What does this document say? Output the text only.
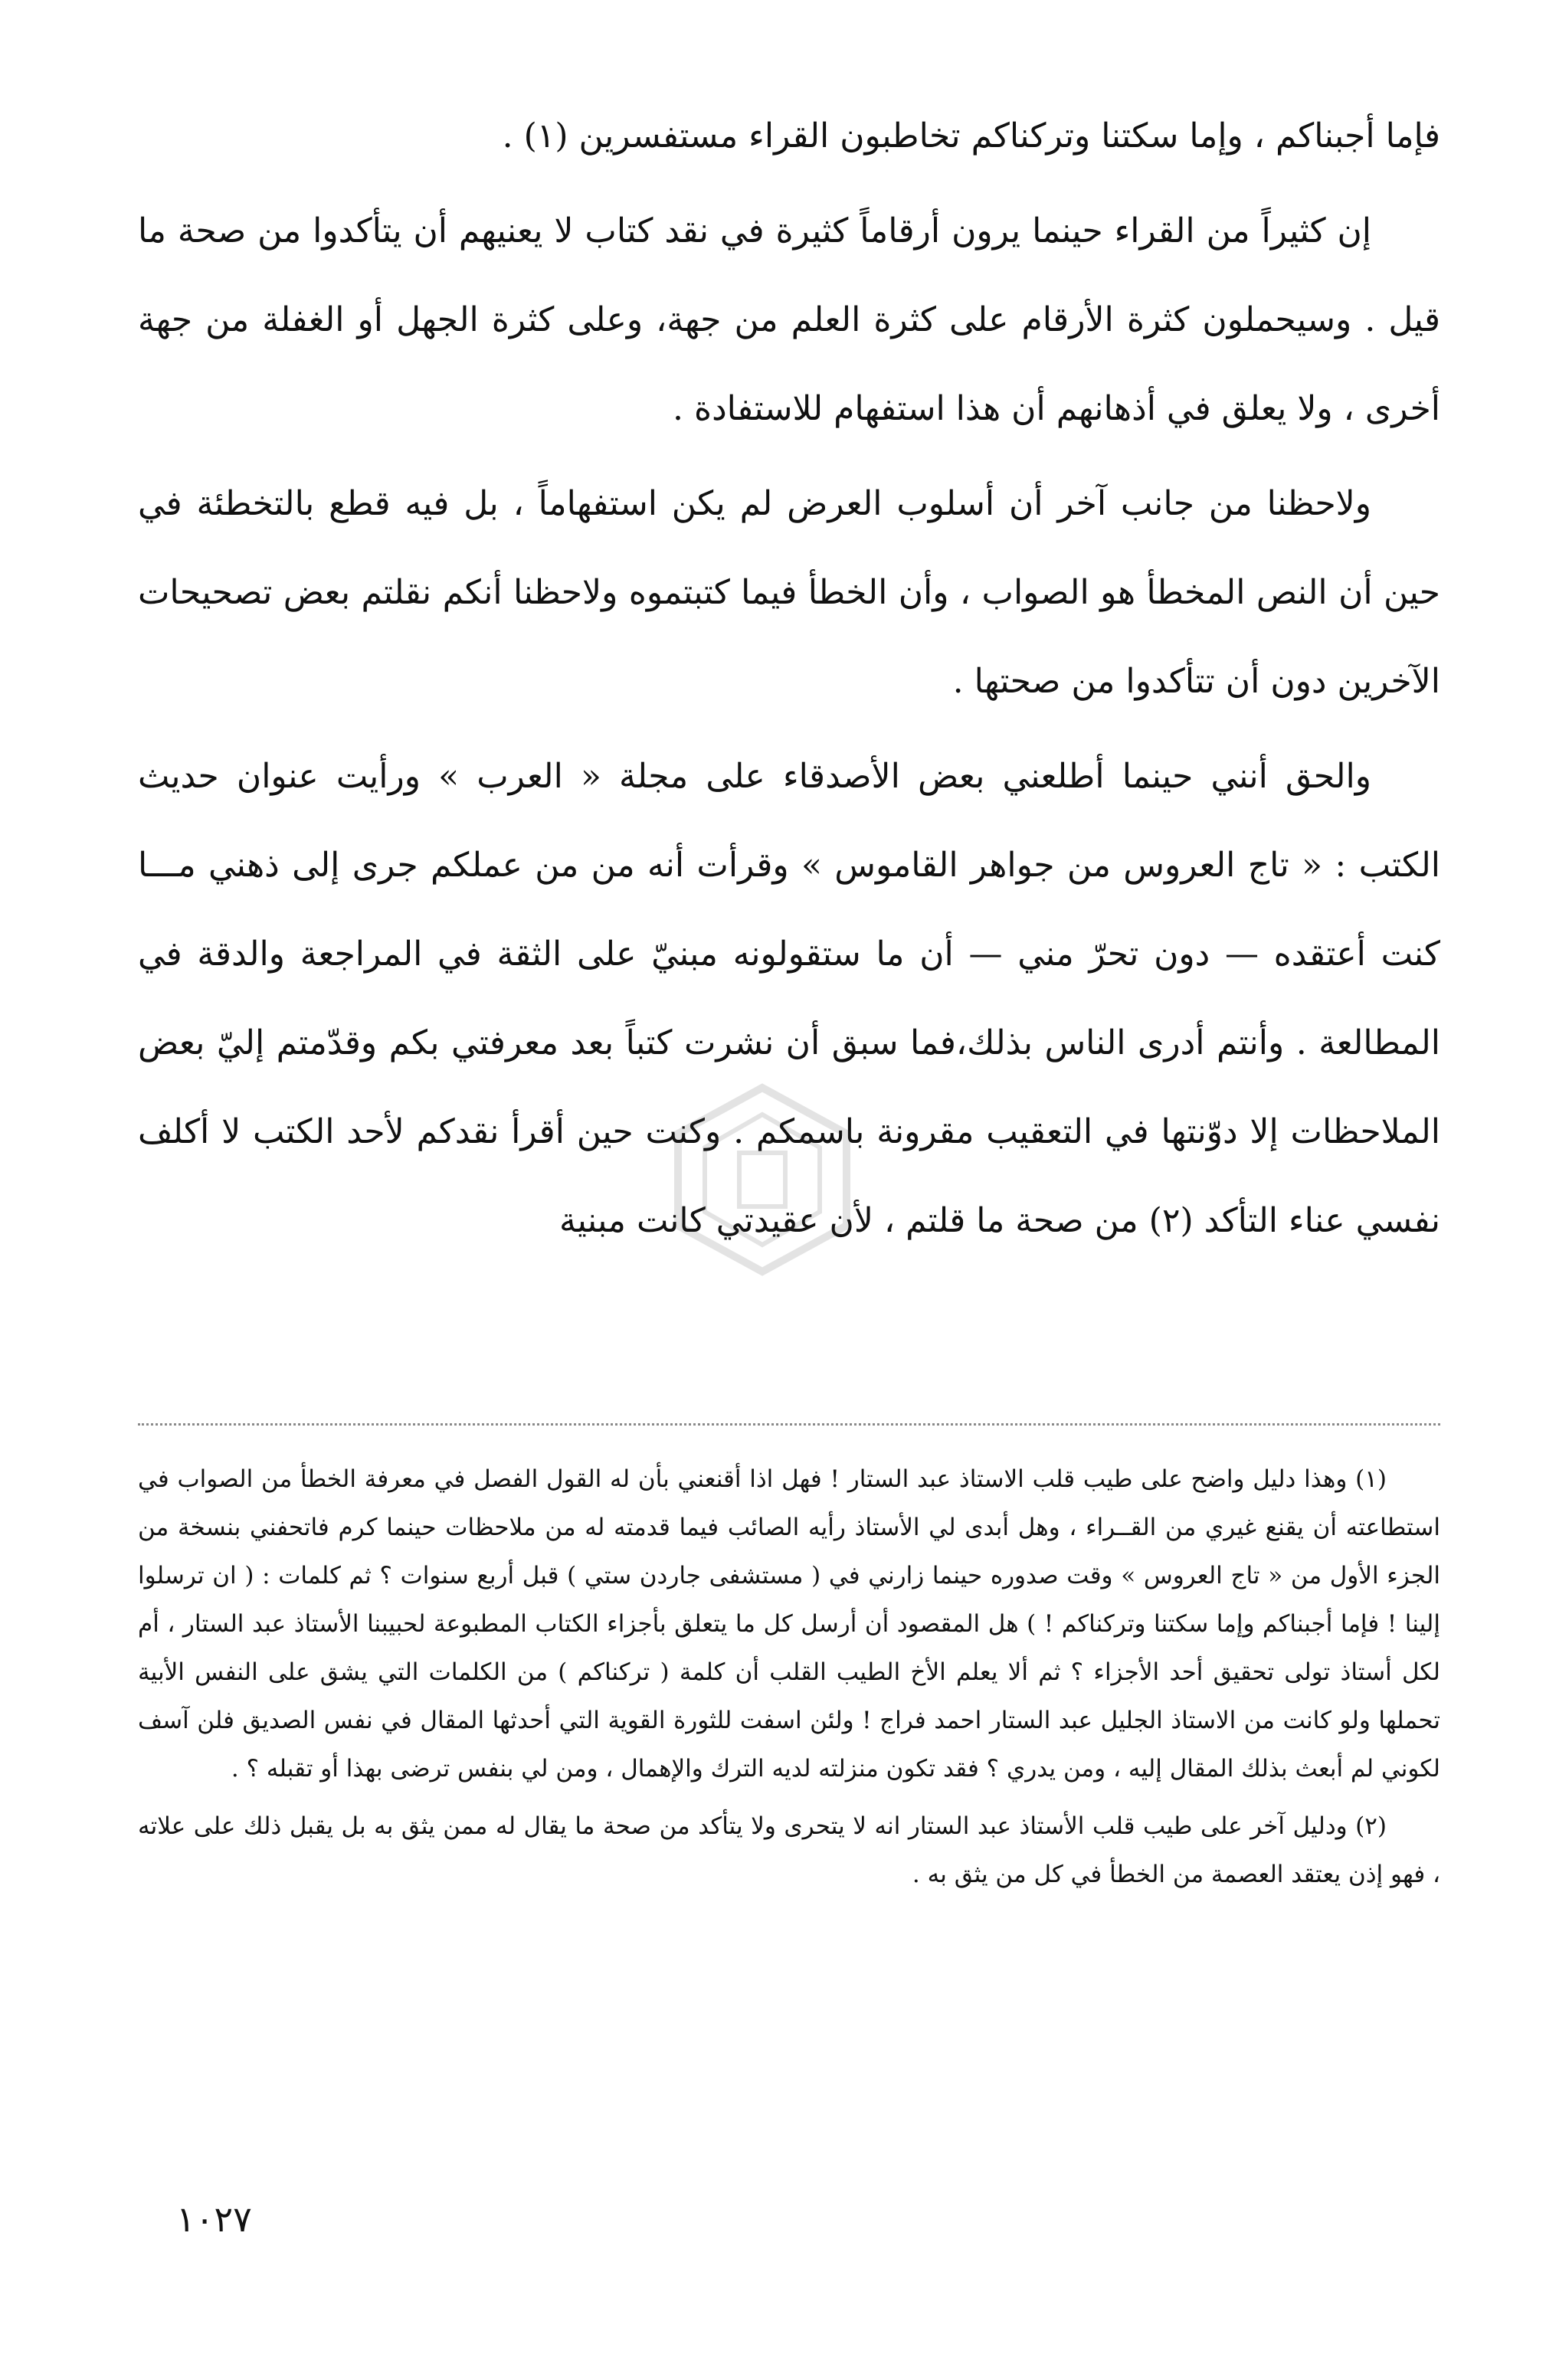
فإما أجبناكم ، وإما سكتنا وتركناكم تخاطبون القراء مستفسرين (١) .

إن كثيراً من القراء حينما يرون أرقاماً كثيرة في نقد كتاب لا يعنيهم أن يتأكدوا من صحة ما قيل . وسيحملون كثرة الأرقام على كثرة العلم من جهة، وعلى كثرة الجهل أو الغفلة من جهة أخرى ، ولا يعلق في أذهانهم أن هذا استفهام للاستفادة .

ولاحظنا من جانب آخر أن أسلوب العرض لم يكن استفهاماً ، بل فيه قطع بالتخطئة في حين أن النص المخطأ هو الصواب ، وأن الخطأ فيما كتبتموه ولاحظنا أنكم نقلتم بعض تصحيحات الآخرين دون أن تتأكدوا من صحتها .

والحق أنني حينما أطلعني بعض الأصدقاء على مجلة « العرب » ورأيت عنوان حديث الكتب : « تاج العروس من جواهر القاموس » وقرأت أنه من من عملكم جرى إلى ذهني مـــا كنت أعتقده — دون تحرّ مني — أن ما ستقولونه مبنيّ على الثقة في المراجعة والدقة في المطالعة . وأنتم أدرى الناس بذلك،فما سبق أن نشرت كتباً بعد معرفتي بكم وقدّمتم إليّ بعض الملاحظات إلا دوّنتها في التعقيب مقرونة باسمكم . وكنت حين أقرأ نقدكم لأحد الكتب لا أكلف نفسي عناء التأكد (٢) من صحة ما قلتم ، لأن عقيدتي كانت مبنية

(١) وهذا دليل واضح على طيب قلب الاستاذ عبد الستار ! فهل اذا أقنعني بأن له القول الفصل في معرفة الخطأ من الصواب في استطاعته أن يقنع غيري من القــراء ، وهل أبدى لي الأستاذ رأيه الصائب فيما قدمته له من ملاحظات حينما كرم فاتحفني بنسخة من الجزء الأول من « تاج العروس » وقت صدوره حينما زارني في ( مستشفى جاردن ستي ) قبل أربع سنوات ؟ ثم كلمات : ( ان ترسلوا إلينا ! فإما أجبناكم وإما سكتنا وتركناكم ! ) هل المقصود أن أرسل كل ما يتعلق بأجزاء الكتاب المطبوعة لحبيبنا الأستاذ عبد الستار ، أم لكل أستاذ تولى تحقيق أحد الأجزاء ؟ ثم ألا يعلم الأخ الطيب القلب أن كلمة ( تركناكم ) من الكلمات التي يشق على النفس الأبية تحملها ولو كانت من الاستاذ الجليل عبد الستار احمد فراج ! ولئن اسفت للثورة القوية التي أحدثها المقال في نفس الصديق فلن آسف لكوني لم أبعث بذلك المقال إليه ، ومن يدري ؟ فقد تكون منزلته لديه الترك والإهمال ، ومن لي بنفس ترضى بهذا أو تقبله ؟ .

(٢) ودليل آخر على طيب قلب الأستاذ عبد الستار انه لا يتحرى ولا يتأكد من صحة ما يقال له ممن يثق به بل يقبل ذلك على علاته ، فهو إذن يعتقد العصمة من الخطأ في كل من يثق به .

١٠٢٧
